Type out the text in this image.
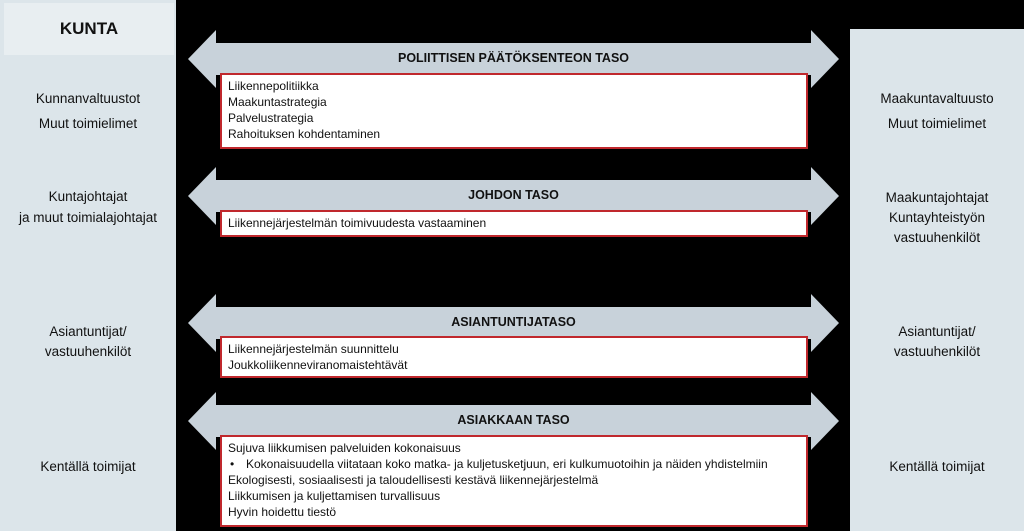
KUNTA
Kunnanvaltuustot
Muut toimielimet
Kuntajohtajat
ja muut toimialajohtajat
Asiantuntijat/
vastuuhenkilöt
Kentällä toimijat
Maakuntavaltuusto
Muut toimielimet
Maakuntajohtajat
Kuntayhteistyön
vastuuhenkilöt
Asiantuntijat/
vastuuhenkilöt
Kentällä toimijat
POLIITTISEN PÄÄTÖKSENTEON TASO
Liikennepolitiikka
Maakuntastrategia
Palvelustrategia
Rahoituksen kohdentaminen
JOHDON TASO
Liikennejärjestelmän toimivuudesta vastaaminen
ASIANTUNTIJATASO
Liikennejärjestelmän suunnittelu
Joukkoliikenneviranomaistehtävät
ASIAKKAAN TASO
Sujuva liikkumisen palveluiden kokonaisuus
• Kokonaisuudella viitataan koko matka- ja kuljetusketjuun, eri kulkumuotoihin ja näiden yhdistelmiin
Ekologisesti, sosiaalisesti ja taloudellisesti kestävä liikennejärjestelmä
Liikkumisen ja kuljettamisen turvallisuus
Hyvin hoidettu tiestö
